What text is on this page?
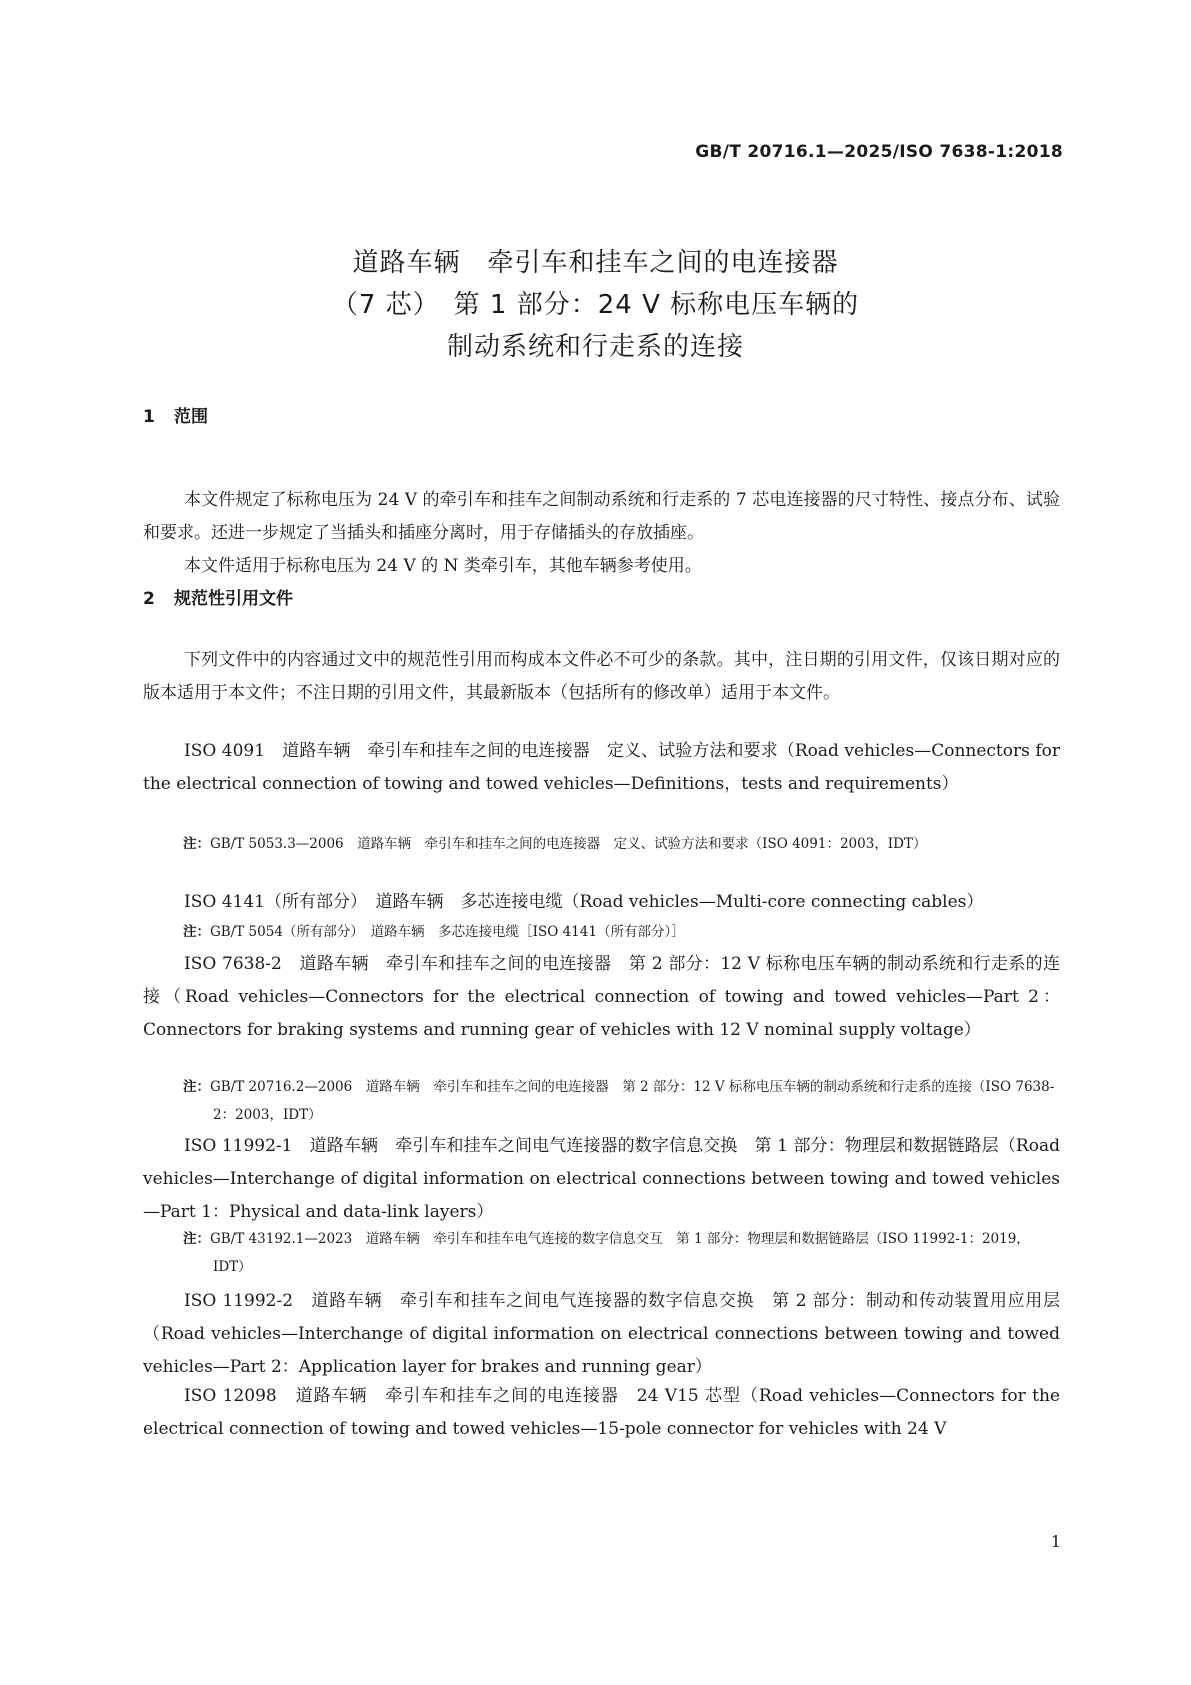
GB/T 20716.1—2025/ISO 7638-1:2018
道路车辆　牵引车和挂车之间的电连接器
（7 芯）　第 1 部分：24 V 标称电压车辆的
制动系统和行走系的连接
1 范围

本文件规定了标称电压为 24 V 的牵引车和挂车之间制动系统和行走系的 7 芯电连接器的尺寸特性、接点分布、试验和要求。还进一步规定了当插头和插座分离时，用于存储插头的存放插座。

本文件适用于标称电压为 24 V 的 N 类牵引车，其他车辆参考使用。

2 规范性引用文件

下列文件中的内容通过文中的规范性引用而构成本文件必不可少的条款。其中，注日期的引用文件，仅该日期对应的版本适用于本文件；不注日期的引用文件，其最新版本（包括所有的修改单）适用于本文件。

ISO 4091　道路车辆　牵引车和挂车之间的电连接器　定义、试验方法和要求（Road vehicles—Connectors for the electrical connection of towing and towed vehicles—Definitions，tests and requirements）

注：GB/T 5053.3—2006　道路车辆　牵引车和挂车之间的电连接器　定义、试验方法和要求（ISO 4091：2003，IDT）

ISO 4141（所有部分）　道路车辆　多芯连接电缆（Road vehicles—Multi-core connecting cables）

注：GB/T 5054（所有部分）　道路车辆　多芯连接电缆［ISO 4141（所有部分）］

ISO 7638-2　道路车辆　牵引车和挂车之间的电连接器　第 2 部分：12 V 标称电压车辆的制动系统和行走系的连接（Road vehicles—Connectors for the electrical connection of towing and towed vehicles—Part 2：Connectors for braking systems and running gear of vehicles with 12 V nominal supply voltage）

注：GB/T 20716.2—2006　道路车辆　牵引车和挂车之间的电连接器　第 2 部分：12 V 标称电压车辆的制动系统和行走系的连接（ISO 7638-2：2003，IDT）

ISO 11992-1　道路车辆　牵引车和挂车之间电气连接器的数字信息交换　第 1 部分：物理层和数据链路层（Road vehicles—Interchange of digital information on electrical connections between towing and towed vehicles—Part 1：Physical and data-link layers）

注：GB/T 43192.1—2023　道路车辆　牵引车和挂车电气连接的数字信息交互　第 1 部分：物理层和数据链路层（ISO 11992-1：2019，IDT）

ISO 11992-2　道路车辆　牵引车和挂车之间电气连接器的数字信息交换　第 2 部分：制动和传动装置用应用层（Road vehicles—Interchange of digital information on electrical connections between towing and towed vehicles—Part 2：Application layer for brakes and running gear）

ISO 12098　道路车辆　牵引车和挂车之间的电连接器　24 V15 芯型（Road vehicles—Connectors for the electrical connection of towing and towed vehicles—15-pole connector for vehicles with 24 V

1
